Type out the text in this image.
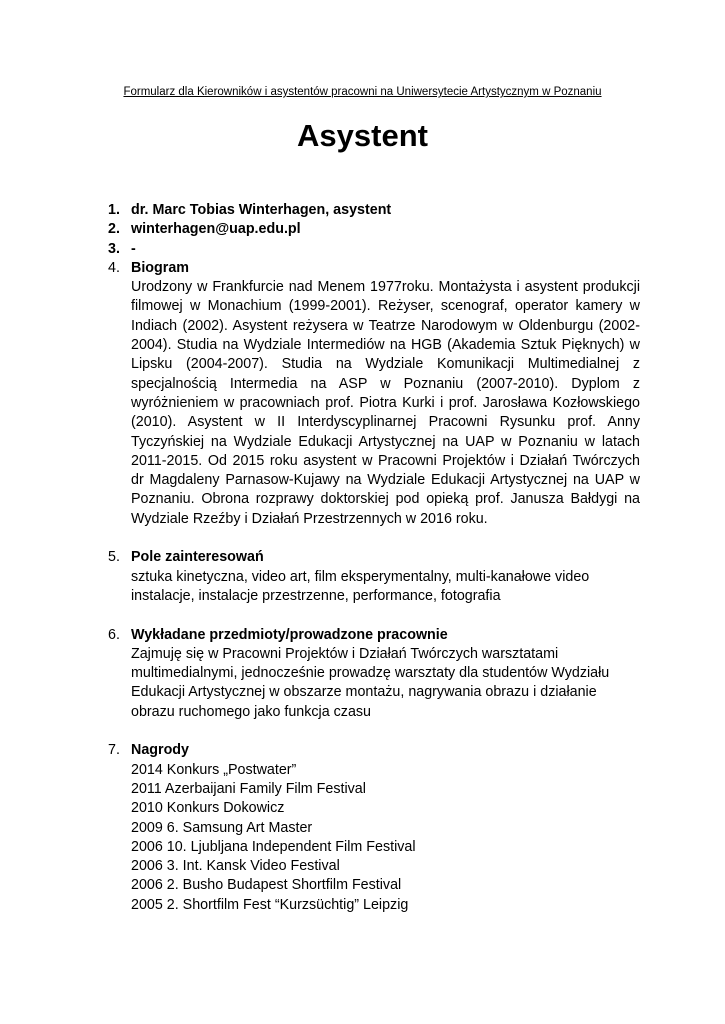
Formularz dla Kierowników i asystentów pracowni na Uniwersytecie Artystycznym w Poznaniu
Asystent
1. dr. Marc Tobias Winterhagen, asystent
2. winterhagen@uap.edu.pl
3. -
4. Biogram
Urodzony w Frankfurcie nad Menem 1977roku. Montażysta i asystent produkcji filmowej w Monachium (1999-2001). Reżyser, scenograf, operator kamery w Indiach (2002). Asystent reżysera w Teatrze Narodowym w Oldenburgu (2002-2004). Studia na Wydziale Intermediów na HGB (Akademia Sztuk Pięknych) w Lipsku (2004-2007). Studia na Wydziale Komunikacji Multimedialnej z specjalnością Intermedia na ASP w Poznaniu (2007-2010). Dyplom z wyróżnieniem w pracowniach prof. Piotra Kurki i prof. Jarosława Kozłowskiego (2010). Asystent w II Interdyscyplinarnej Pracowni Rysunku prof. Anny Tyczyńskiej na Wydziale Edukacji Artystycznej na UAP w Poznaniu w latach 2011-2015. Od 2015 roku asystent w Pracowni Projektów i Działań Twórczych dr Magdaleny Parnasow-Kujawy na Wydziale Edukacji Artystycznej na UAP w Poznaniu. Obrona rozprawy doktorskiej pod opieką prof. Janusza Bałdygi na Wydziale Rzeźby i Działań Przestrzennych w 2016 roku.
5. Pole zainteresowań
sztuka kinetyczna, video art, film eksperymentalny, multi-kanałowe video
instalacje, instalacje przestrzenne, performance, fotografia
6. Wykładane przedmioty/prowadzone pracownie
Zajmuję się w Pracowni Projektów i Działań Twórczych warsztatami
multimedialnymi, jednocześnie prowadzę warsztaty dla studentów Wydziału
Edukacji Artystycznej w obszarze montażu, nagrywania obrazu i działanie
obrazu ruchomego jako funkcja czasu
7. Nagrody
2014 Konkurs „Postwater”
2011 Azerbaijani Family Film Festival
2010 Konkurs Dokowicz
2009 6. Samsung Art Master
2006 10. Ljubljana Independent Film Festival
2006 3. Int. Kansk Video Festival
2006 2. Busho Budapest Shortfilm Festival
2005 2. Shortfilm Fest “Kurzsüchtig” Leipzig
